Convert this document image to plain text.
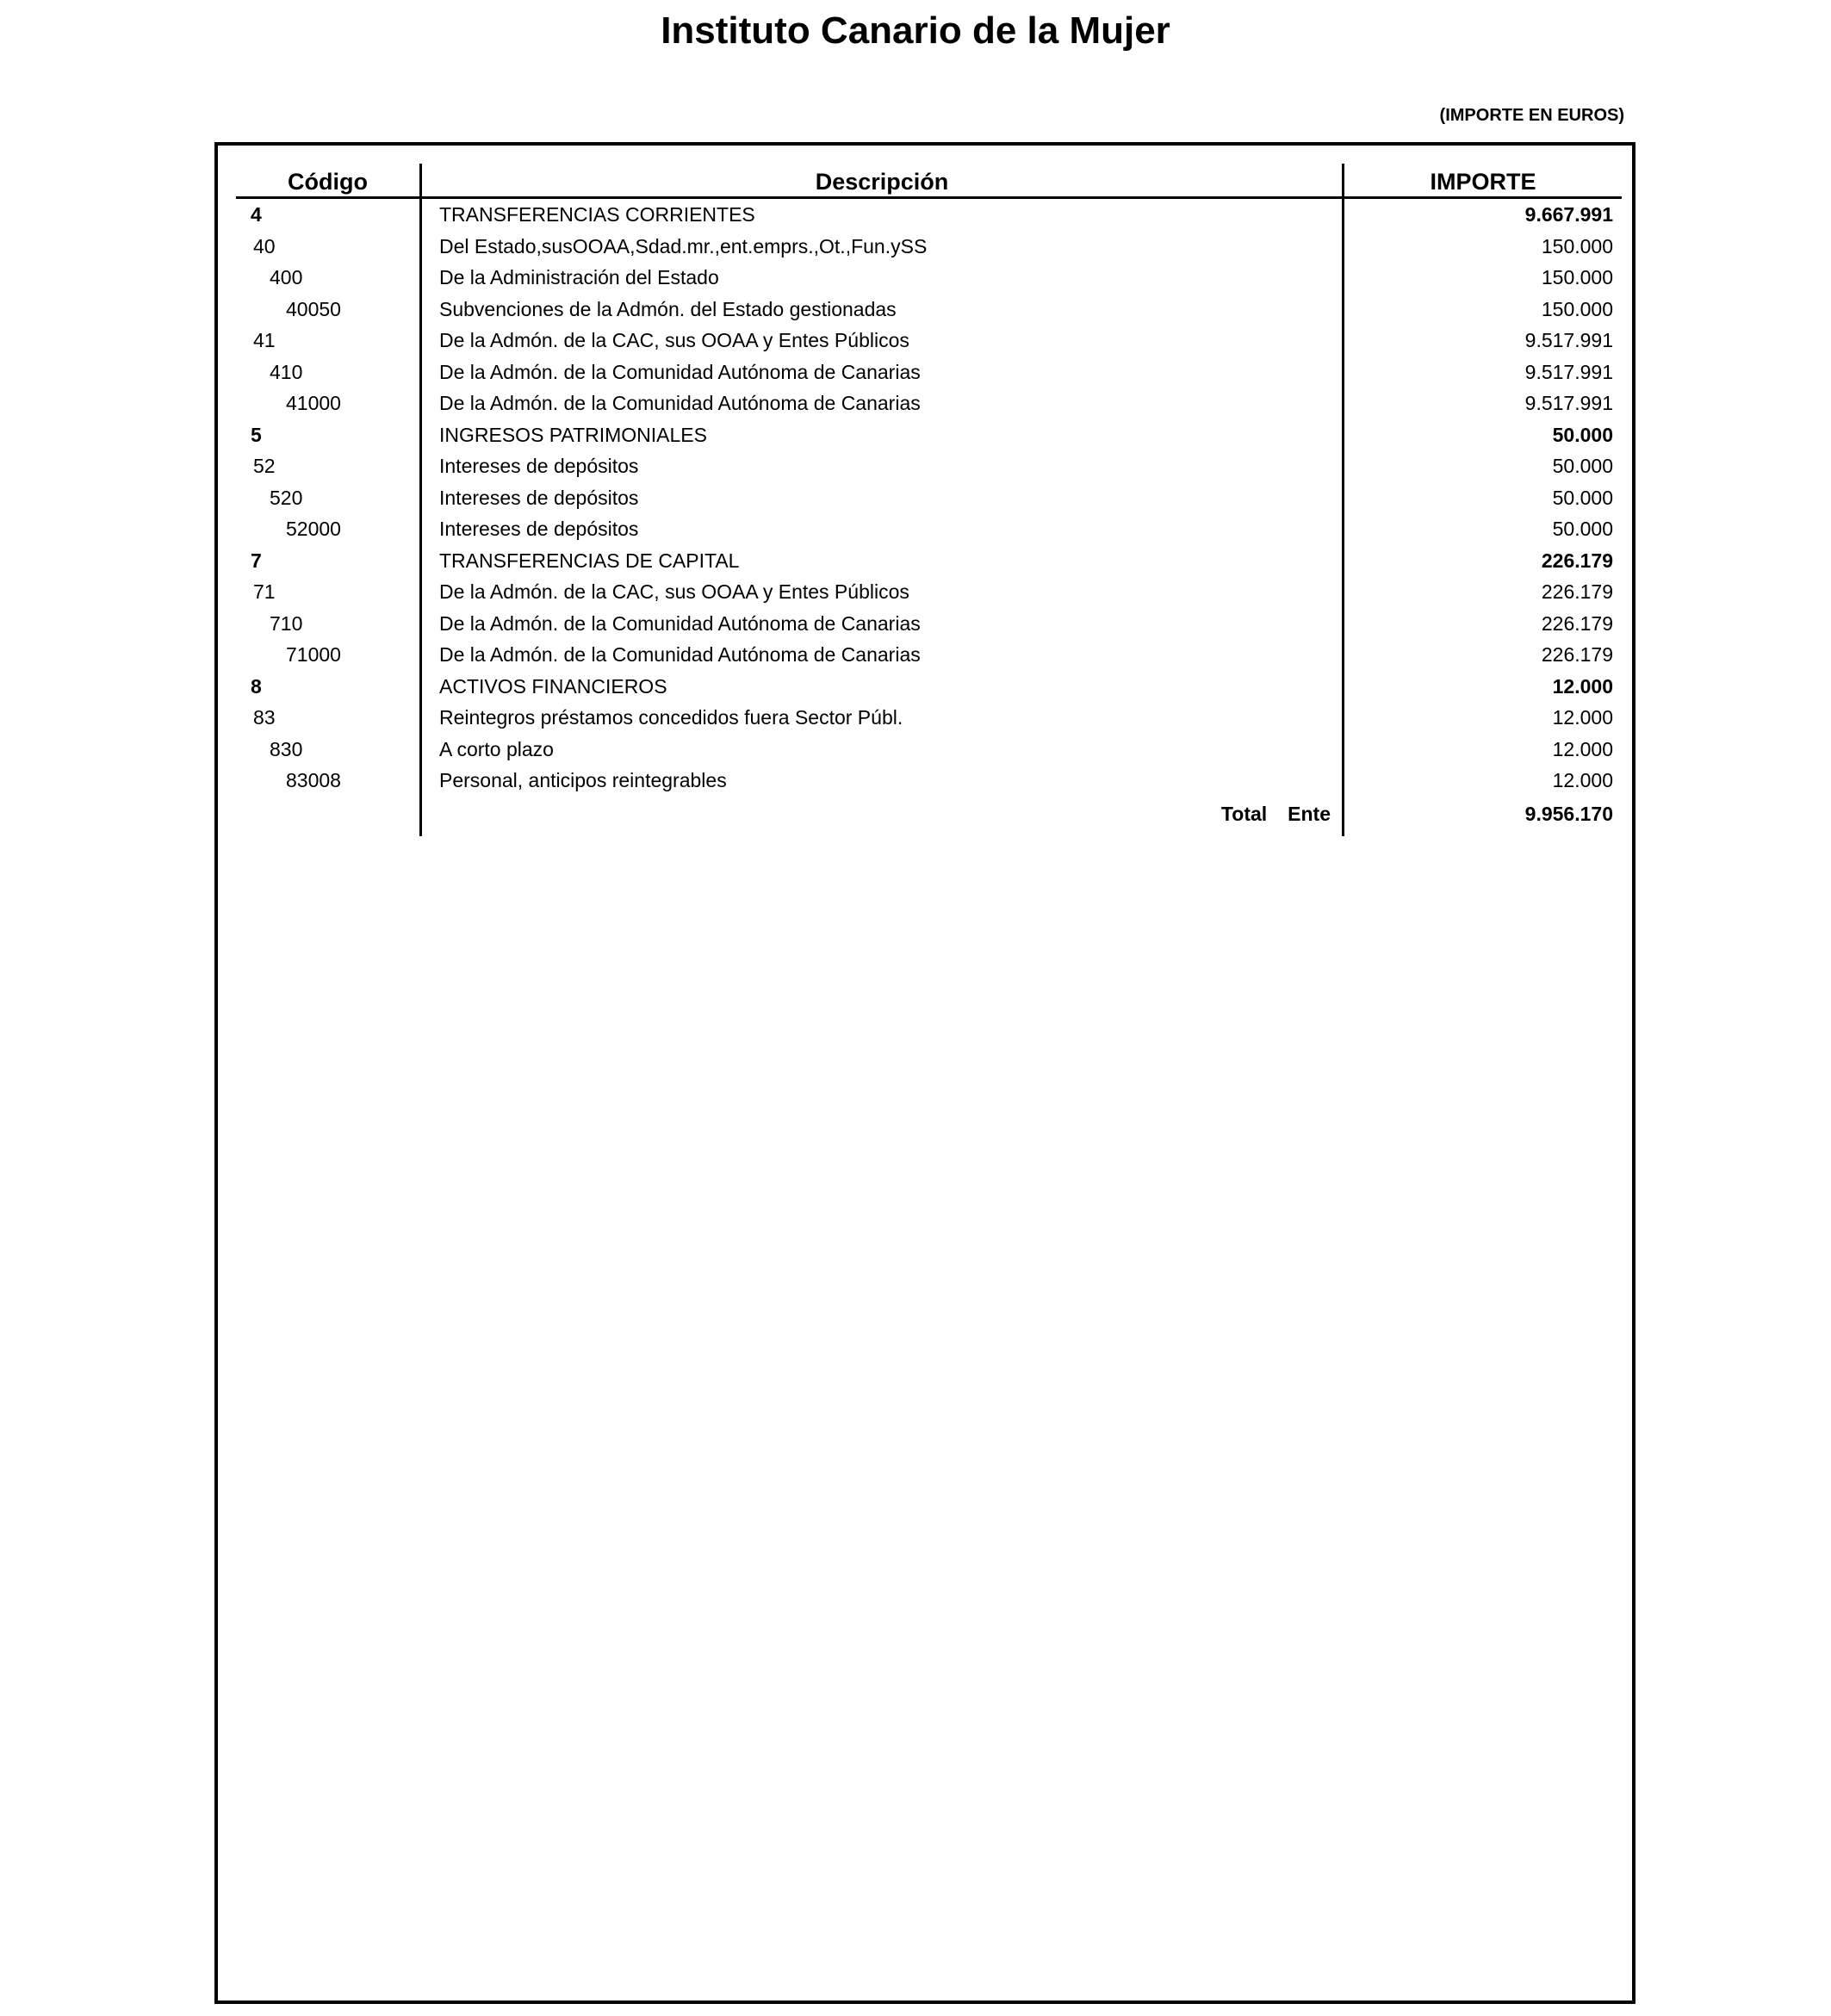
Instituto Canario de la Mujer
(IMPORTE EN EUROS)
Código	Descripción	IMPORTE
4	TRANSFERENCIAS CORRIENTES	9.667.991
40	Del Estado,susOOAA,Sdad.mr.,ent.emprs.,Ot.,Fun.ySS	150.000
400	De la Administración del Estado	150.000
40050	Subvenciones de la Admón. del Estado gestionadas	150.000
41	De la Admón. de la CAC, sus OOAA y Entes Públicos	9.517.991
410	De la Admón. de la Comunidad Autónoma de Canarias	9.517.991
41000	De la Admón. de la Comunidad Autónoma de Canarias	9.517.991
5	INGRESOS PATRIMONIALES	50.000
52	Intereses de depósitos	50.000
520	Intereses de depósitos	50.000
52000	Intereses de depósitos	50.000
7	TRANSFERENCIAS DE CAPITAL	226.179
71	De la Admón. de la CAC, sus OOAA y Entes Públicos	226.179
710	De la Admón. de la Comunidad Autónoma de Canarias	226.179
71000	De la Admón. de la Comunidad Autónoma de Canarias	226.179
8	ACTIVOS FINANCIEROS	12.000
83	Reintegros préstamos concedidos fuera Sector Públ.	12.000
830	A corto plazo	12.000
83008	Personal, anticipos reintegrables	12.000
Total Ente	9.956.170
